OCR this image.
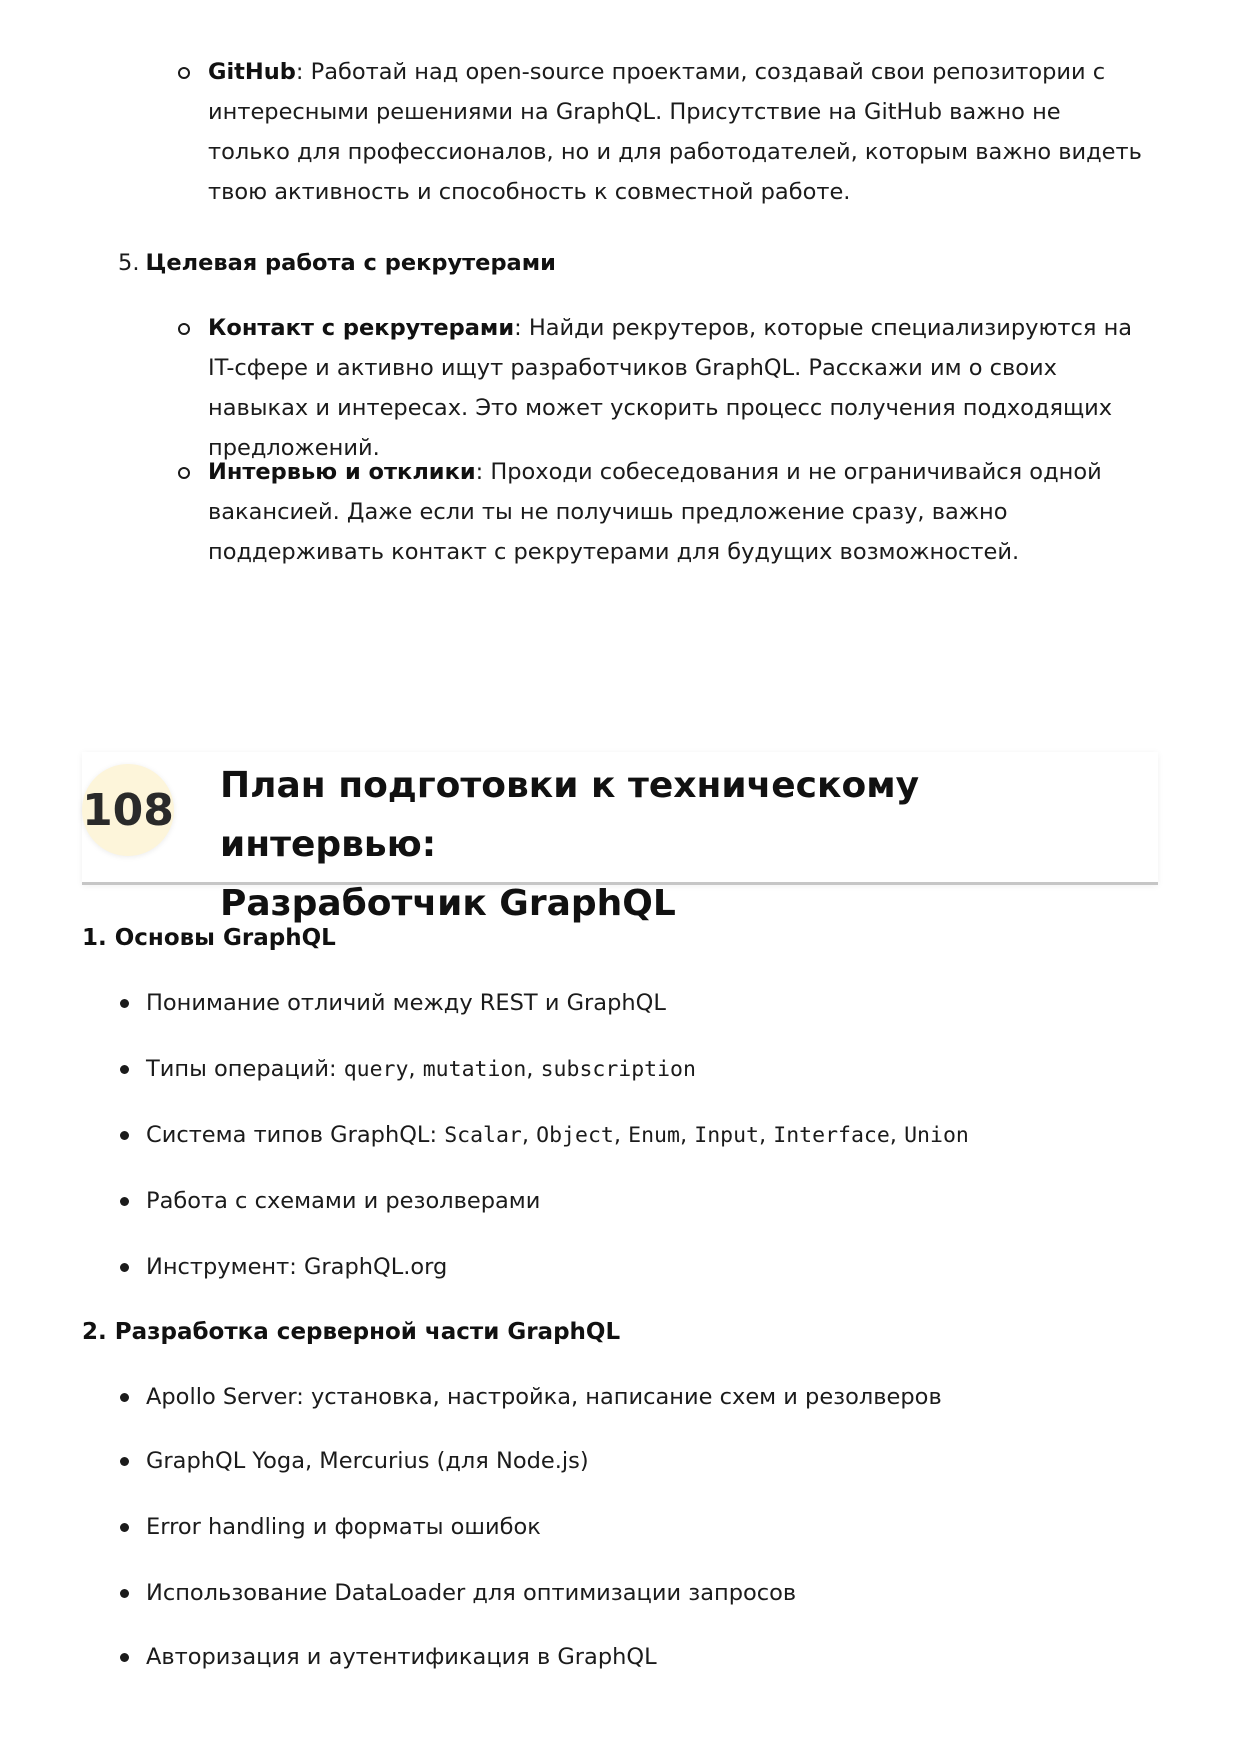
GitHub: Работай над open-source проектами, создавай свои репозитории с интересными решениями на GraphQL. Присутствие на GitHub важно не только для профессионалов, но и для работодателей, которым важно видеть твою активность и способность к совместной работе.
5. Целевая работа с рекрутерами
Контакт с рекрутерами: Найди рекрутеров, которые специализируются на IT-сфере и активно ищут разработчиков GraphQL. Расскажи им о своих навыках и интересах. Это может ускорить процесс получения подходящих предложений.
Интервью и отклики: Проходи собеседования и не ограничивайся одной вакансией. Даже если ты не получишь предложение сразу, важно поддерживать контакт с рекрутерами для будущих возможностей.
108 План подготовки к техническому интервью:
Разработчик GraphQL
1. Основы GraphQL
Понимание отличий между REST и GraphQL
Типы операций: query, mutation, subscription
Система типов GraphQL: Scalar, Object, Enum, Input, Interface, Union
Работа с схемами и резолверами
Инструмент: GraphQL.org
2. Разработка серверной части GraphQL
Apollo Server: установка, настройка, написание схем и резолверов
GraphQL Yoga, Mercurius (для Node.js)
Error handling и форматы ошибок
Использование DataLoader для оптимизации запросов
Авторизация и аутентификация в GraphQL
